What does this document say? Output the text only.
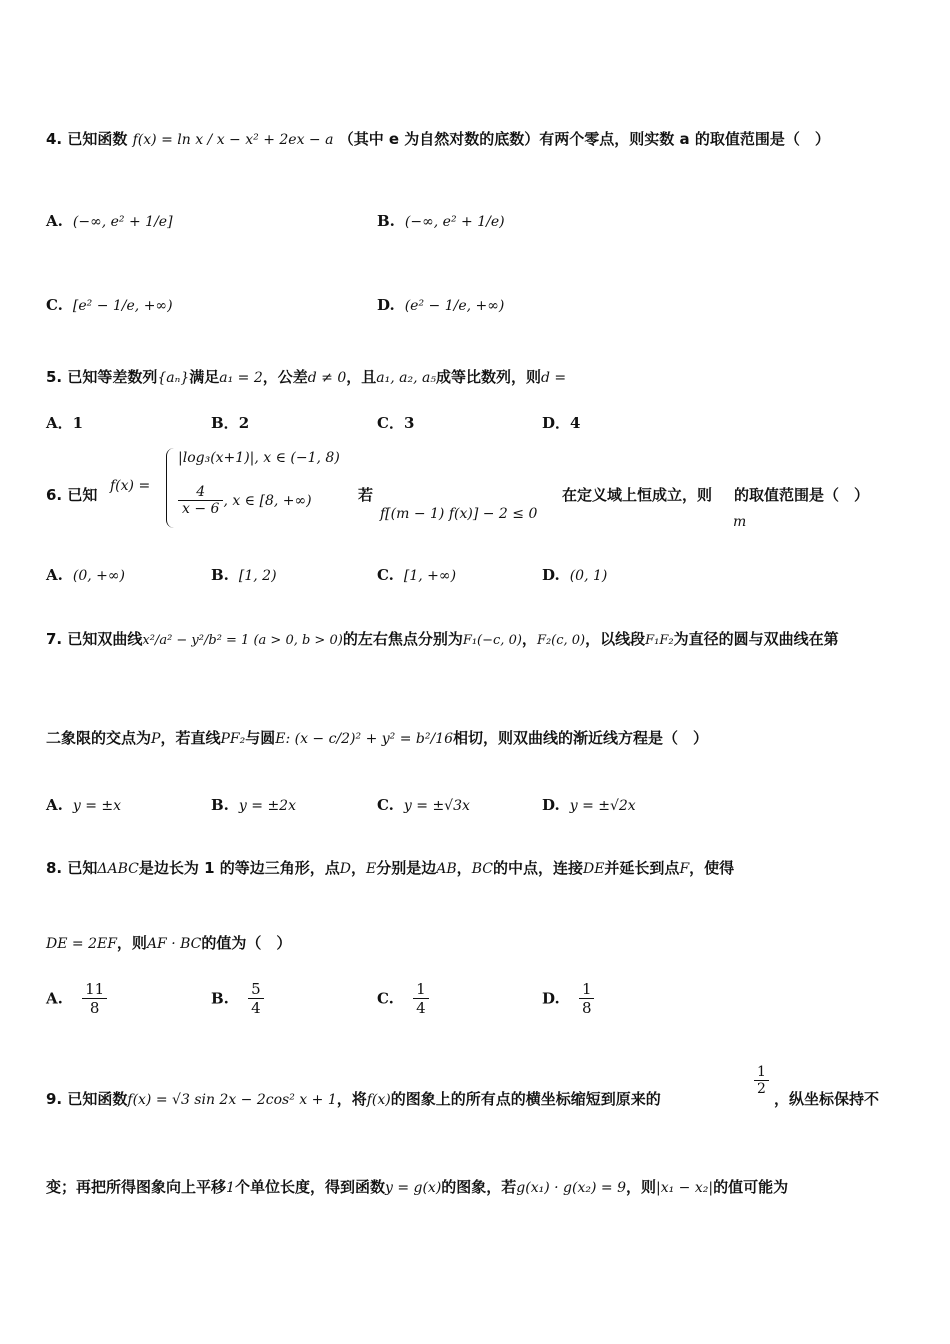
4. 已知函数 f(x) = ln x / x − x² + 2ex − a （其中 e 为自然对数的底数）有两个零点，则实数 a 的取值范围是（　）
A. (−∞, e² + 1/e]	B. (−∞, e² + 1/e)
C. [e² − 1/e, +∞)	D. (e² − 1/e, +∞)
5. 已知等差数列{aₙ}满足a₁ = 2，公差d ≠ 0，且a₁, a₂, a₅成等比数列，则d =
A．1	B．2	C．3	D．4
6. 已知 f(x) =
|log₃(x+1)|, x ∈ (−1, 8)
$\frac{4}{x - 6}$ , x ∈ [8, +∞)	若
f[(m − 1) f(x)] − 2 ≤ 0
在定义域上恒成立，则 的取值范围是（　）
m
A. (0, +∞)	B. [1, 2)	C. [1, +∞)	D. (0, 1)
7. 已知双曲线x²/a² − y²/b² = 1 (a > 0, b > 0)的左右焦点分别为F₁(−c, 0)，F₂(c, 0)，以线段F₁F₂为直径的圆与双曲线在第
二象限的交点为P，若直线PF₂与圆E: (x − c/2)² + y² = b²/16相切，则双曲线的渐近线方程是（　）
A. y = ±x	B. y = ±2x	C. y = ±√3x	D. y = ±√2x
8. 已知ΔABC是边长为 1 的等边三角形，点D，E分别是边AB，BC的中点，连接DE并延长到点F，使得
DE = 2EF，则AF · BC的值为（　）
A. $\frac{11}{8}$	B. $\frac{5}{4}$	C. $\frac{1}{4}$	D. $\frac{1}{8}$
9. 已知函数f(x) = √3 sin 2x − 2cos² x + 1，将f(x)的图象上的所有点的横坐标缩短到原来的
$\frac{1}{2}$
，纵坐标保持不
变；再把所得图象向上平移1个单位长度，得到函数y = g(x)的图象，若g(x₁) · g(x₂) = 9，则|x₁ − x₂|的值可能为
